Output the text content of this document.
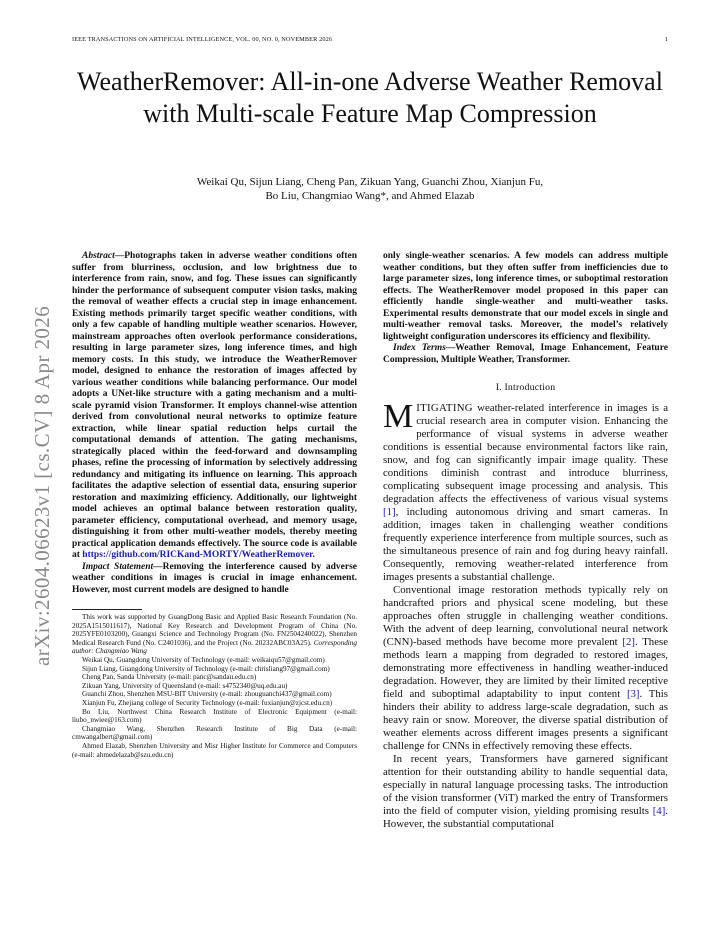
IEEE TRANSACTIONS ON ARTIFICIAL INTELLIGENCE, VOL. 00, NO. 0, NOVEMBER 2026	1
arXiv:2604.06623v1 [cs.CV] 8 Apr 2026
WeatherRemover: All-in-one Adverse Weather Removal with Multi-scale Feature Map Compression
Weikai Qu, Sijun Liang, Cheng Pan, Zikuan Yang, Guanchi Zhou, Xianjun Fu,
Bo Liu, Changmiao Wang*, and Ahmed Elazab

Abstract—Photographs taken in adverse weather conditions often suffer from blurriness, occlusion, and low brightness due to interference from rain, snow, and fog. These issues can significantly hinder the performance of subsequent computer vision tasks, making the removal of weather effects a crucial step in image enhancement. Existing methods primarily target specific weather conditions, with only a few capable of handling multiple weather scenarios. However, mainstream approaches often overlook performance considerations, resulting in large parameter sizes, long inference times, and high memory costs. In this study, we introduce the WeatherRemover model, designed to enhance the restoration of images affected by various weather conditions while balancing performance. Our model adopts a UNet-like structure with a gating mechanism and a multi-scale pyramid vision Transformer. It employs channel-wise attention derived from convolutional neural networks to optimize feature extraction, while linear spatial reduction helps curtail the computational demands of attention. The gating mechanisms, strategically placed within the feed-forward and downsampling phases, refine the processing of information by selectively addressing redundancy and mitigating its influence on learning. This approach facilitates the adaptive selection of essential data, ensuring superior restoration and maximizing efficiency. Additionally, our lightweight model achieves an optimal balance between restoration quality, parameter efficiency, computational overhead, and memory usage, distinguishing it from other multi-weather models, thereby meeting practical application demands effectively. The source code is available at https://github.com/RICKand-MORTY/WeatherRemover.

Impact Statement—Removing the interference caused by adverse weather conditions in images is crucial in image enhancement. However, most current models are designed to handle

This work was supported by GuangDong Basic and Applied Basic Research Foundation (No. 2025A1515011617), National Key Research and Development Program of China (No. 2025YFE0103200), Guangxi Science and Technology Program (No. FN2504240022), Shenzhen Medical Research Fund (No. C2401036), and the Project (No. 20232ABC03A25). Corresponding author: Changmiao Wang

Weikai Qu, Guangdong University of Technology (e-mail: weikaiqu57@gmail.com)

Sijun Liang, Guangdong University of Technology (e-mail: chrisliang97@gmail.com)

Cheng Pan, Sanda University (e-mail: panc@sandau.edu.cn)

Zikuan Yang, University of Queensland (e-mail: s4752340@uq.edu.au)

Guanchi Zhou, Shenzhen MSU-BIT University (e-mail: zhouguanchi437@gmail.com)

Xianjun Fu, Zhejiang college of Security Technology (e-mail: fuxianjun@zjcst.edu.cn)

Bo Liu, Northwest China Research Institute of Electronic Equipment (e-mail: liubo_nwiee@163.com)

Changmiao Wang, Shenzhen Research Institute of Big Data (e-mail: cmwangalbert@gmail.com)

Ahmed Elazab, Shenzhen University and Misr Higher Institute for Commerce and Computers (e-mail: ahmedelazab@szu.edu.cn)

only single-weather scenarios. A few models can address multiple weather conditions, but they often suffer from inefficiencies due to large parameter sizes, long inference times, or suboptimal restoration effects. The WeatherRemover model proposed in this paper can efficiently handle single-weather and multi-weather tasks. Experimental results demonstrate that our model excels in single and multi-weather removal tasks. Moreover, the model’s relatively lightweight configuration underscores its efficiency and flexibility.

Index Terms—Weather Removal, Image Enhancement, Feature Compression, Multiple Weather, Transformer.

I. Introduction

MITIGATING weather-related interference in images is a crucial research area in computer vision. Enhancing the performance of visual systems in adverse weather conditions is essential because environmental factors like rain, snow, and fog can significantly impair image quality. These conditions diminish contrast and introduce blurriness, complicating subsequent image processing and analysis. This degradation affects the effectiveness of various visual systems [1], including autonomous driving and smart cameras. In addition, images taken in challenging weather conditions frequently experience interference from multiple sources, such as the simultaneous presence of rain and fog during heavy rainfall. Consequently, removing weather-related interference from images presents a substantial challenge.

Conventional image restoration methods typically rely on handcrafted priors and physical scene modeling, but these approaches often struggle in challenging weather conditions. With the advent of deep learning, convolutional neural network (CNN)-based methods have become more prevalent [2]. These methods learn a mapping from degraded to restored images, demonstrating more effectiveness in handling weather-induced degradation. However, they are limited by their limited receptive field and suboptimal adaptability to input content [3]. This hinders their ability to address large-scale degradation, such as heavy rain or snow. Moreover, the diverse spatial distribution of weather elements across different images presents a significant challenge for CNNs in effectively removing these effects.

In recent years, Transformers have garnered significant attention for their outstanding ability to handle sequential data, especially in natural language processing tasks. The introduction of the vision transformer (ViT) marked the entry of Transformers into the field of computer vision, yielding promising results [4]. However, the substantial computational
